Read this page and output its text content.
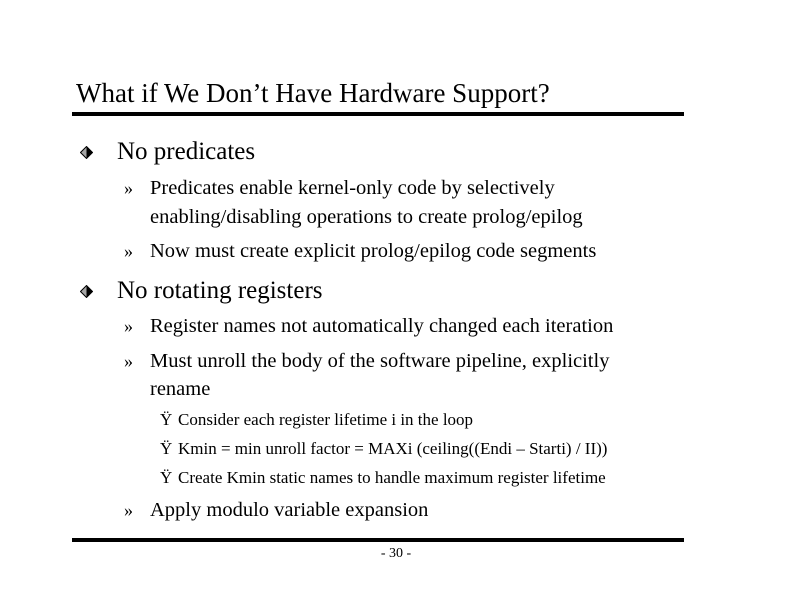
What if We Don’t Have Hardware Support?
No predicates
» Predicates enable kernel-only code by selectively
enabling/disabling operations to create prolog/epilog
» Now must create explicit prolog/epilog code segments
No rotating registers
» Register names not automatically changed each iteration
» Must unroll the body of the software pipeline, explicitly
rename
Ÿ Consider each register lifetime i in the loop
Ÿ Kmin = min unroll factor = MAXi (ceiling((Endi – Starti) / II))
Ÿ Create Kmin static names to handle maximum register lifetime
» Apply modulo variable expansion
- 30 -
